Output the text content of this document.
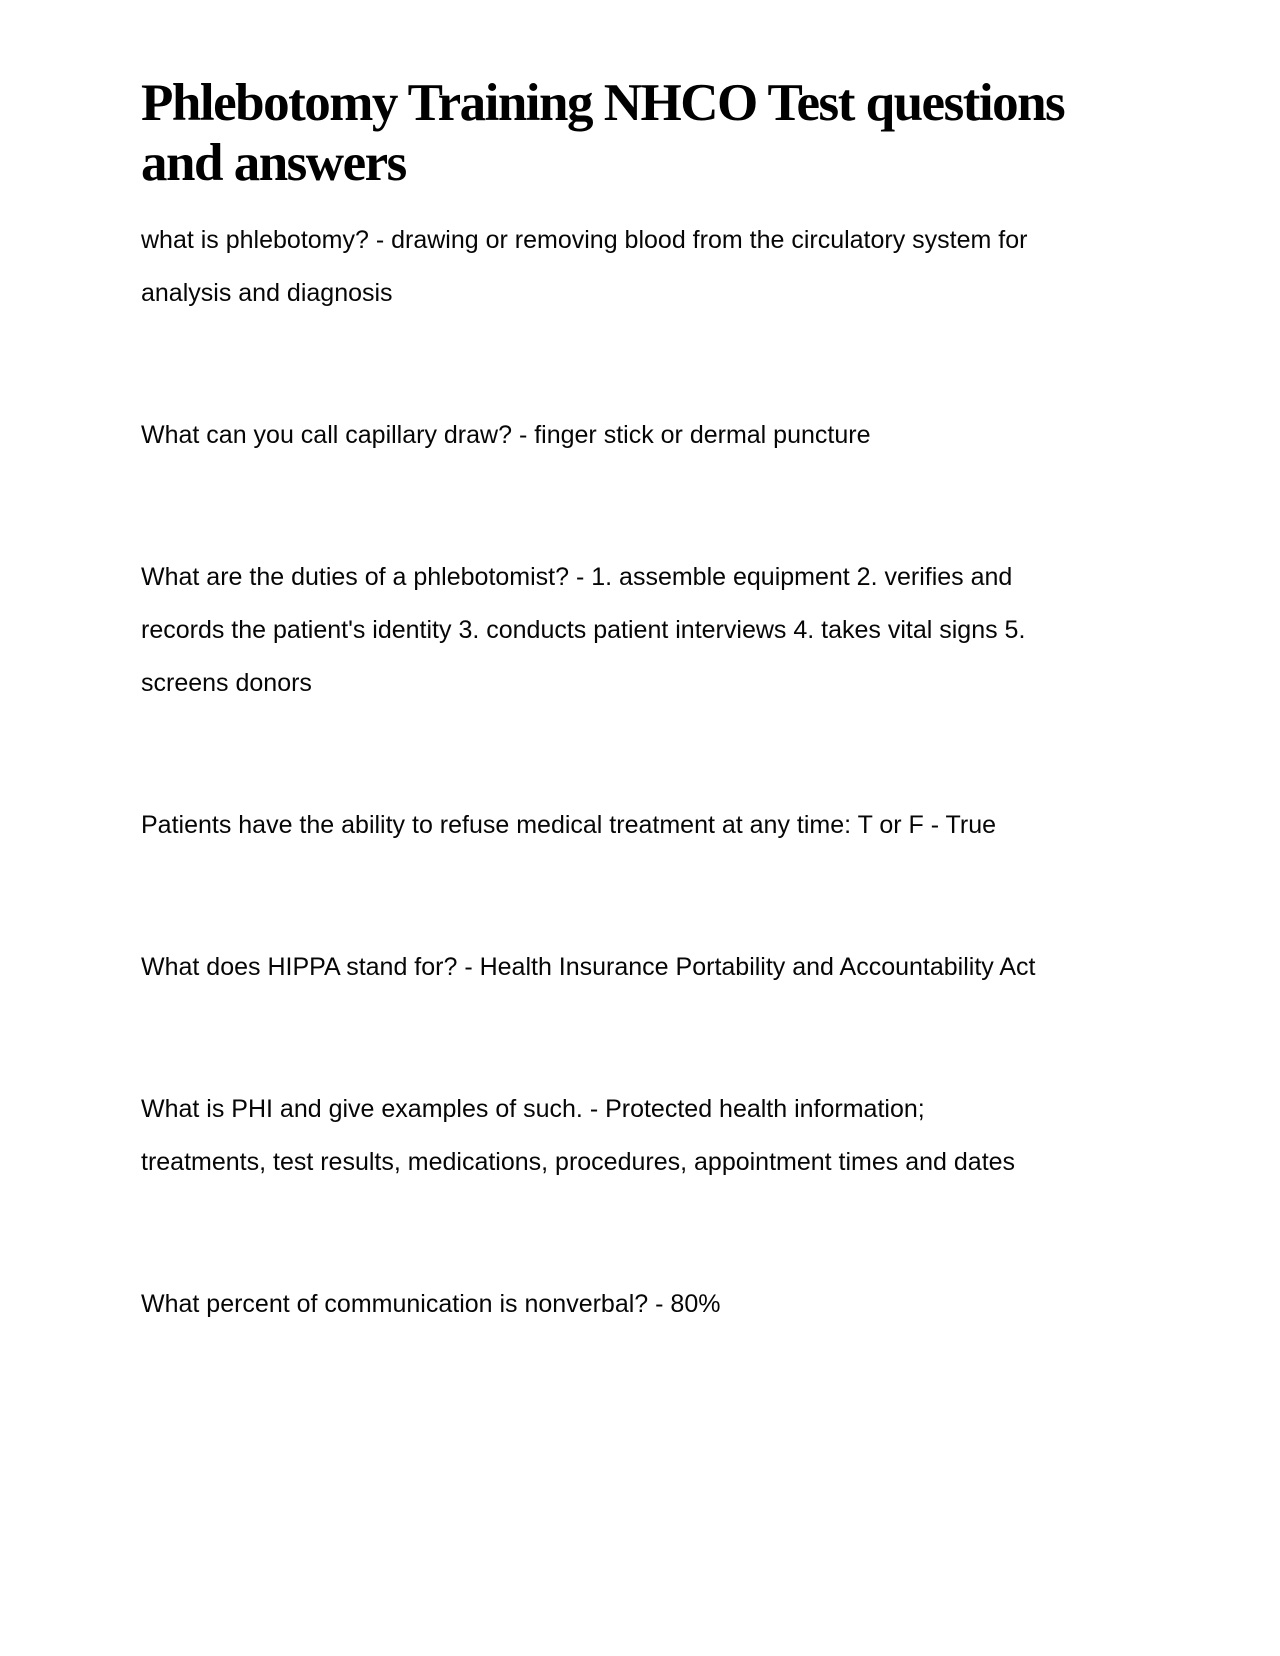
Phlebotomy Training NHCO Test questions
and answers

what is phlebotomy? - drawing or removing blood from the circulatory system for
analysis and diagnosis

What can you call capillary draw? - finger stick or dermal puncture

What are the duties of a phlebotomist? - 1. assemble equipment 2. verifies and
records the patient's identity 3. conducts patient interviews 4. takes vital signs 5.
screens donors

Patients have the ability to refuse medical treatment at any time: T or F - True

What does HIPPA stand for? - Health Insurance Portability and Accountability Act

What is PHI and give examples of such. - Protected health information;
treatments, test results, medications, procedures, appointment times and dates

What percent of communication is nonverbal? - 80%
